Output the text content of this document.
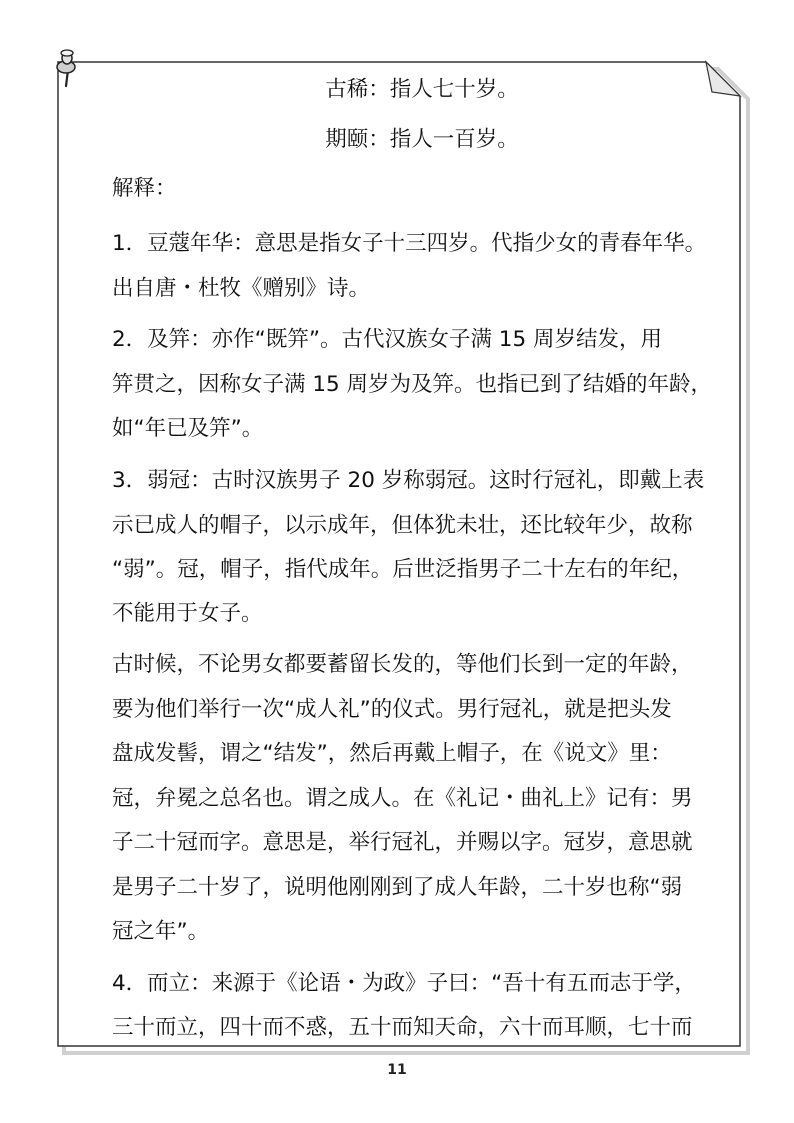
古稀：指人七十岁。
期颐：指人一百岁。
解释：
1．豆蔻年华：意思是指女子十三四岁。代指少女的青春年华。
出自唐・杜牧《赠别》诗。
2．及笄：亦作“既笄”。古代汉族女子满 15 周岁结发，用
笄贯之，因称女子满 15 周岁为及笄。也指已到了结婚的年龄，
如“年已及笄”。
3．弱冠：古时汉族男子 20 岁称弱冠。这时行冠礼，即戴上表
示已成人的帽子，以示成年，但体犹未壮，还比较年少，故称
“弱”。冠，帽子，指代成年。后世泛指男子二十左右的年纪，
不能用于女子。
古时候，不论男女都要蓄留长发的，等他们长到一定的年龄，
要为他们举行一次“成人礼”的仪式。男行冠礼，就是把头发
盘成发髻，谓之“结发”，然后再戴上帽子，在《说文》里：
冠，弁冕之总名也。谓之成人。在《礼记・曲礼上》记有：男
子二十冠而字。意思是，举行冠礼，并赐以字。冠岁，意思就
是男子二十岁了，说明他刚刚到了成人年龄，二十岁也称“弱
冠之年”。
4．而立：来源于《论语・为政》子曰：“吾十有五而志于学，
三十而立，四十而不惑，五十而知天命，六十而耳顺，七十而
11
